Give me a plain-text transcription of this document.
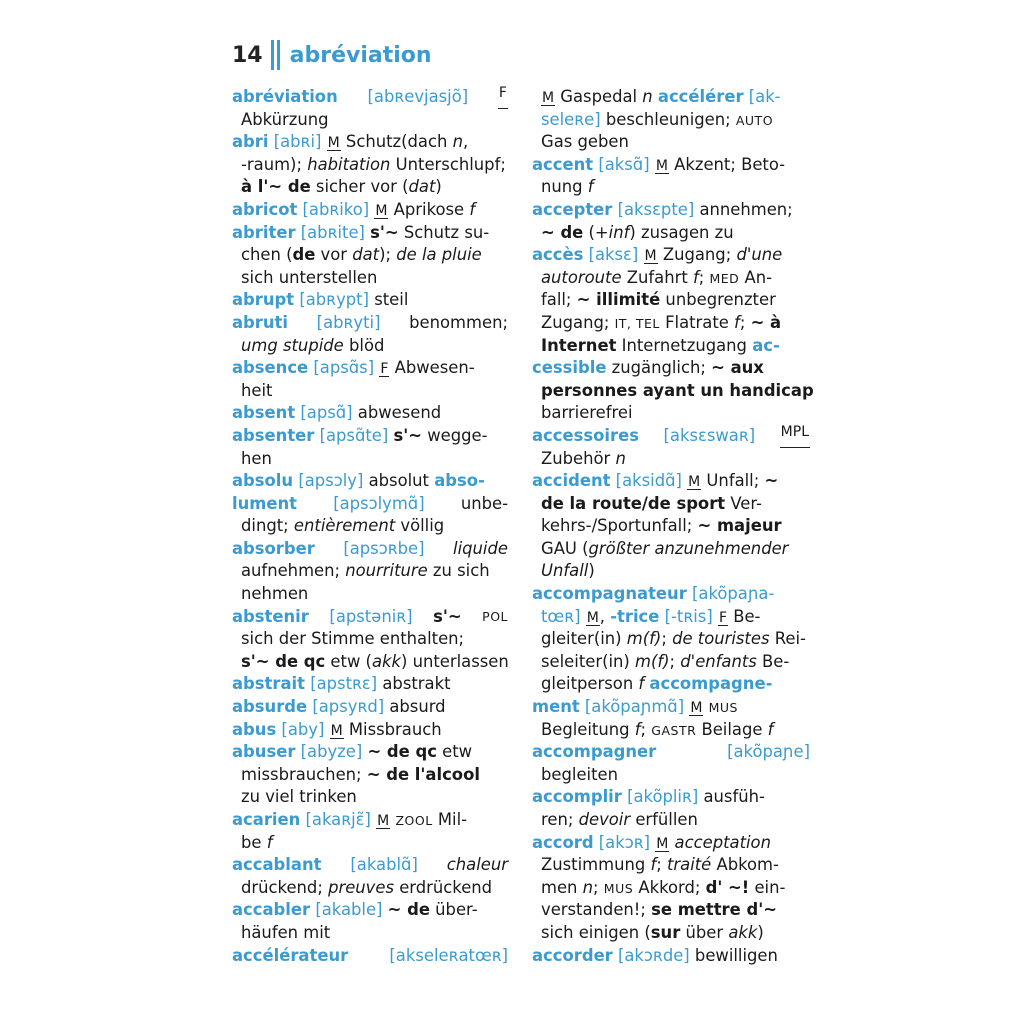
14 abréviation
abréviation [abʀevjasjõ] F
Abkürzung
abri [abʀi] M Schutz(dach n,
-raum); habitation Unterschlupf;
à l'~ de sicher vor (dat)
abricot [abʀiko] M Aprikose f
abriter [abʀite] s'~ Schutz su-
chen (de vor dat); de la pluie
sich unterstellen
abrupt [abʀypt] steil
abruti [abʀyti] benommen;
umg stupide blöd
absence [apsɑ̃s] F Abwesen-
heit
absent [apsɑ̃] abwesend
absenter [apsɑ̃te] s'~ wegge-
hen
absolu [apsɔly] absolut abso-
lument [apsɔlymɑ̃] unbe-
dingt; entièrement völlig
absorber [apsɔʀbe] liquide
aufnehmen; nourriture zu sich
nehmen
abstenir [apstəniʀ] s'~ POL
sich der Stimme enthalten;
s'~ de qc etw (akk) unterlassen
abstrait [apstʀɛ] abstrakt
absurde [apsyʀd] absurd
abus [aby] M Missbrauch
abuser [abyze] ~ de qc etw
missbrauchen; ~ de l'alcool
zu viel trinken
acarien [akaʀjɛ̃] M ZOOL Mil-
be f
accablant [akablɑ̃] chaleur
drückend; preuves erdrückend
accabler [akable] ~ de über-
häufen mit
accélérateur	[akseleʀatœʀ]
M Gaspedal n accélérer [ak-
seleʀe] beschleunigen; AUTO
Gas geben
accent [aksɑ̃] M Akzent; Beto-
nung f
accepter [aksɛpte] annehmen;
~ de (+inf) zusagen zu
accès [aksɛ] M Zugang; d'une
autoroute Zufahrt f; MED An-
fall; ~ illimité unbegrenzter
Zugang; IT, TEL Flatrate f; ~ à
Internet Internetzugang ac-
cessible zugänglich; ~ aux
personnes ayant un handicap
barrierefrei
accessoires [aksɛswaʀ] MPL
Zubehör n
accident [aksidɑ̃] M Unfall; ~
de la route/de sport Ver-
kehrs-/Sportunfall; ~ majeur
GAU (größter anzunehmender
Unfall)
accompagnateur [akõpaɲa-
tœʀ] M, -trice [-tʀis] F Be-
gleiter(in) m(f); de touristes Rei-
seleiter(in) m(f); d'enfants Be-
gleitperson f accompagne-
ment [akõpaɲmɑ̃] M MUS
Begleitung f; GASTR Beilage f
accompagner	[akõpaɲe]
begleiten
accomplir [akõpliʀ] ausfüh-
ren; devoir erfüllen
accord [akɔʀ] M acceptation
Zustimmung f; traité Abkom-
men n; MUS Akkord; d' ~! ein-
verstanden!; se mettre d'~
sich einigen (sur über akk)
accorder [akɔʀde] bewilligen
